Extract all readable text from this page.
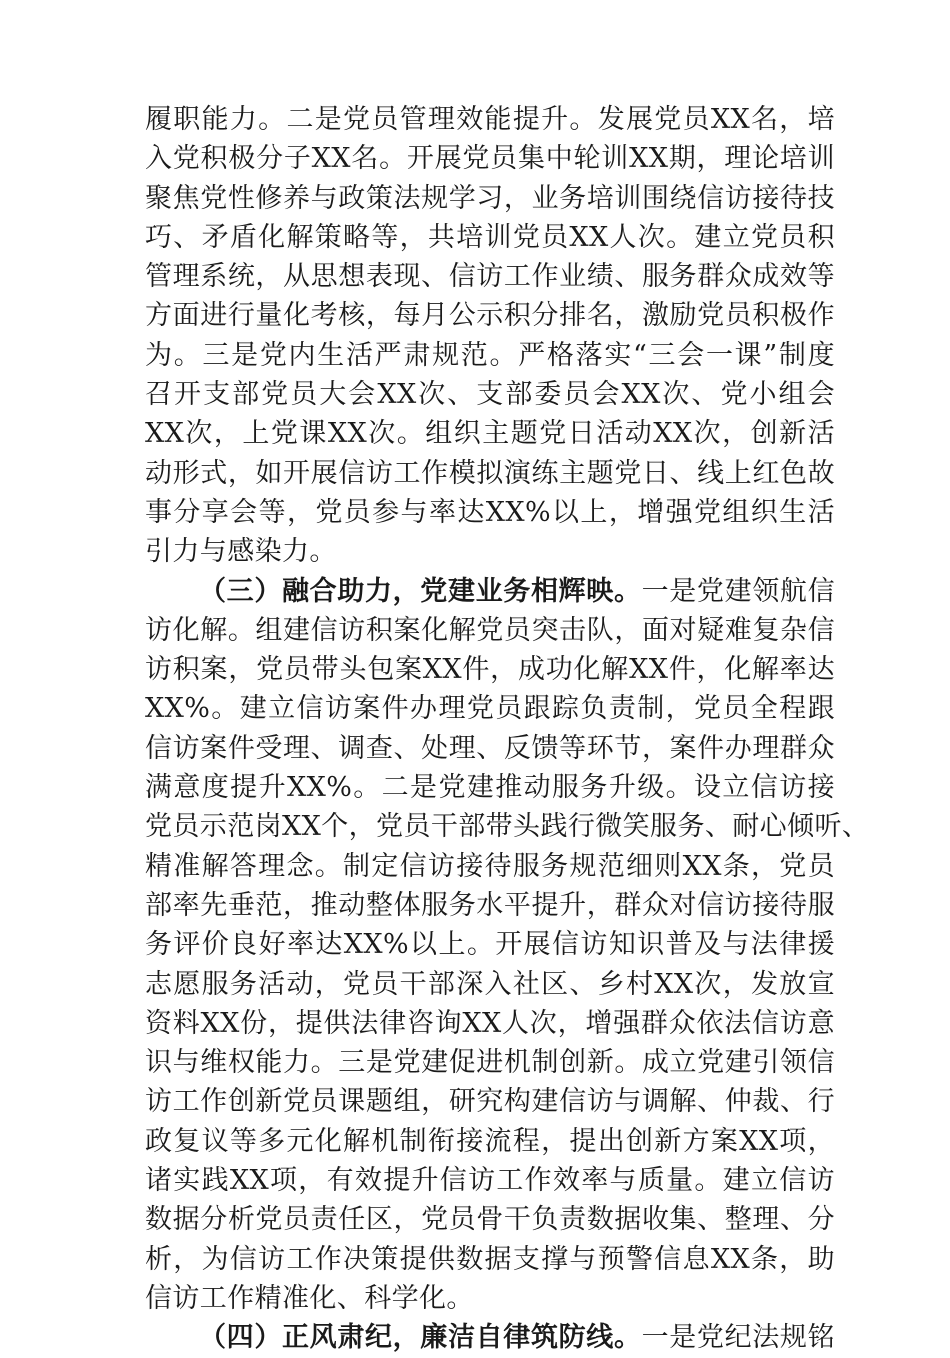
履职能力。二是党员管理效能提升。发展党员XX名，培
入党积极分子XX名。开展党员集中轮训XX期，理论培训
聚焦党性修养与政策法规学习，业务培训围绕信访接待技
巧、矛盾化解策略等，共培训党员XX人次。建立党员积
管理系统，从思想表现、信访工作业绩、服务群众成效等
方面进行量化考核，每月公示积分排名，激励党员积极作
为。三是党内生活严肃规范。严格落实“三会一课”制度
召开支部党员大会XX次、支部委员会XX次、党小组会
XX次，上党课XX次。组织主题党日活动XX次，创新活
动形式，如开展信访工作模拟演练主题党日、线上红色故
事分享会等，党员参与率达XX%以上，增强党组织生活
引力与感染力。
（三）融合助力，党建业务相辉映。一是党建领航信
访化解。组建信访积案化解党员突击队，面对疑难复杂信
访积案，党员带头包案XX件，成功化解XX件，化解率达
XX%。建立信访案件办理党员跟踪负责制，党员全程跟
信访案件受理、调查、处理、反馈等环节，案件办理群众
满意度提升XX%。二是党建推动服务升级。设立信访接
党员示范岗XX个，党员干部带头践行微笑服务、耐心倾听、
精准解答理念。制定信访接待服务规范细则XX条，党员
部率先垂范，推动整体服务水平提升，群众对信访接待服
务评价良好率达XX%以上。开展信访知识普及与法律援
志愿服务活动，党员干部深入社区、乡村XX次，发放宣
资料XX份，提供法律咨询XX人次，增强群众依法信访意
识与维权能力。三是党建促进机制创新。成立党建引领信
访工作创新党员课题组，研究构建信访与调解、仲裁、行
政复议等多元化解机制衔接流程，提出创新方案XX项，
诸实践XX项，有效提升信访工作效率与质量。建立信访
数据分析党员责任区，党员骨干负责数据收集、整理、分
析，为信访工作决策提供数据支撑与预警信息XX条，助
信访工作精准化、科学化。
（四）正风肃纪，廉洁自律筑防线。一是党纪法规铭
